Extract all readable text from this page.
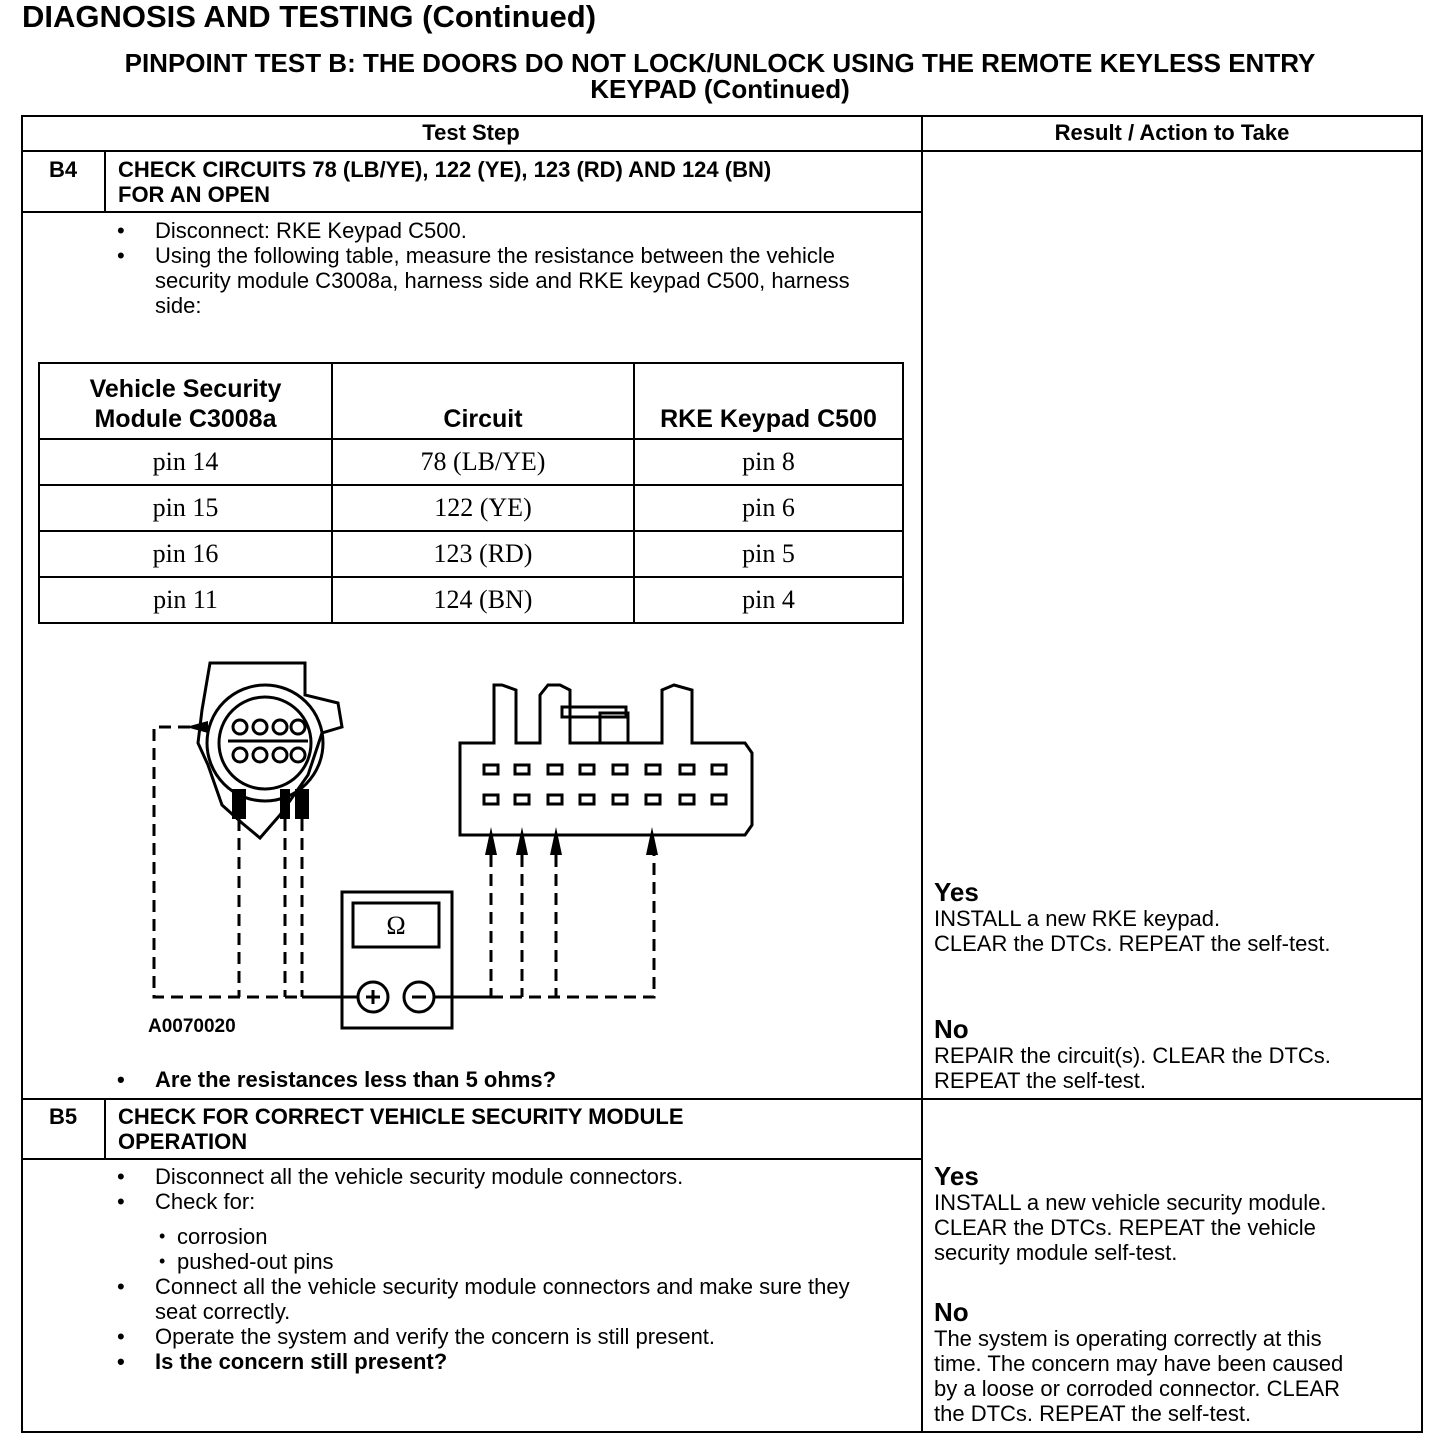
DIAGNOSIS AND TESTING (Continued)
PINPOINT TEST B: THE DOORS DO NOT LOCK/UNLOCK USING THE REMOTE KEYLESS ENTRY
KEYPAD (Continued)
Test Step	Result / Action to Take
B4	CHECK CIRCUITS 78 (LB/YE), 122 (YE), 123 (RD) AND 124 (BN)
FOR AN OPEN
• Disconnect: RKE Keypad C500.
• Using the following table, measure the resistance between the vehicle security module C3008a, harness side and RKE keypad C500, harness side:
Vehicle Security Module C3008a	Circuit	RKE Keypad C500
pin 14	78 (LB/YE)	pin 8
pin 15	122 (YE)	pin 6
pin 16	123 (RD)	pin 5
pin 11	124 (BN)	pin 4
Ω
A0070020
• Are the resistances less than 5 ohms?
Yes
INSTALL a new RKE keypad.
CLEAR the DTCs. REPEAT the self-test.
No
REPAIR the circuit(s). CLEAR the DTCs.
REPEAT the self-test.
B5	CHECK FOR CORRECT VEHICLE SECURITY MODULE
OPERATION
• Disconnect all the vehicle security module connectors.
• Check for:
• corrosion
• pushed-out pins
• Connect all the vehicle security module connectors and make sure they seat correctly.
• Operate the system and verify the concern is still present.
• Is the concern still present?
Yes
INSTALL a new vehicle security module.
CLEAR the DTCs. REPEAT the vehicle
security module self-test.
No
The system is operating correctly at this
time. The concern may have been caused
by a loose or corroded connector. CLEAR
the DTCs. REPEAT the self-test.
